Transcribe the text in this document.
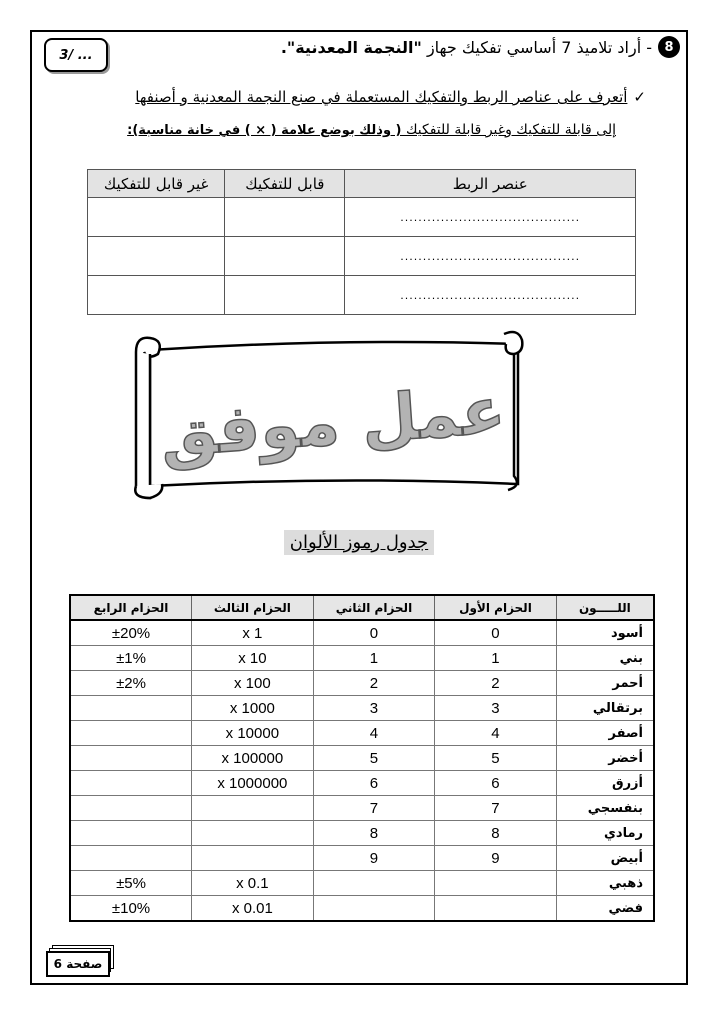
3/ ...
8
- أراد تلاميذ 7 أساسي تفكيك جهاز "النجمة المعدنية".
✓أتعرف على عناصر الربط والتفكيك المستعملة في صنع النجمة المعدنية و أصنفها
إلى قابلة للتفكيك وغير قابلة للتفكيك ( وذلك بوضع علامة ( × ) في خانة مناسبة):
عنصر الربط	قابل للتفكيك	غير قابل للتفكيك
........................................		
........................................		
........................................		
عمل موفق
جدول رموز الألوان
اللـــــون	الحزام الأول	الحزام الثاني	الحزام الثالث	الحزام الرابع
أسود	0	0	x 1	±20%
بني	1	1	x 10	±1%
أحمر	2	2	x 100	±2%
برتقالي	3	3	x 1000	
أصفر	4	4	x 10000	
أخضر	5	5	x 100000	
أزرق	6	6	x 1000000	
بنفسجي	7	7		
رمادي	8	8		
أبيض	9	9		
ذهبي			x 0.1	±5%
فضي			x 0.01	±10%
صفحة 6
